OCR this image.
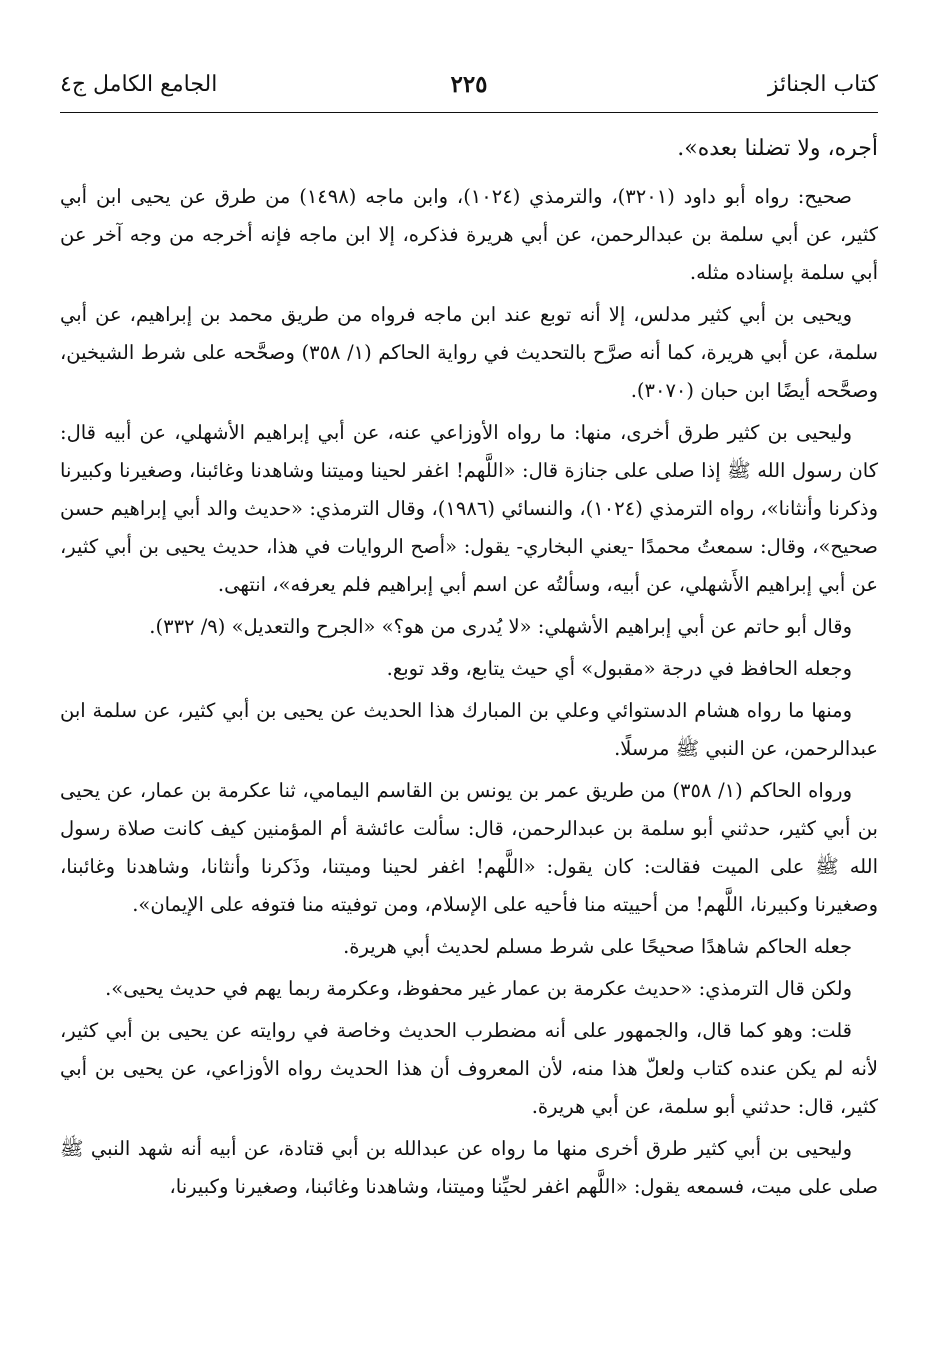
كتاب الجنائز
٢٢٥
الجامع الكامل ج٤

أجره، ولا تضلنا بعده».

صحيح: رواه أبو داود (٣٢٠١)، والترمذي (١٠٢٤)، وابن ماجه (١٤٩٨) من طرق عن يحيى ابن أبي كثير، عن أبي سلمة بن عبدالرحمن، عن أبي هريرة فذكره، إلا ابن ماجه فإنه أخرجه من وجه آخر عن أبي سلمة بإسناده مثله.

ويحيى بن أبي كثير مدلس، إلا أنه توبع عند ابن ماجه فرواه من طريق محمد بن إبراهيم، عن أبي سلمة، عن أبي هريرة، كما أنه صرَّح بالتحديث في رواية الحاكم (١/ ٣٥٨) وصحَّحه على شرط الشيخين، وصحَّحه أيضًا ابن حبان (٣٠٧٠).

وليحيى بن كثير طرق أخرى، منها: ما رواه الأوزاعي عنه، عن أبي إبراهيم الأشهلي، عن أبيه قال: كان رسول الله ﷺ إذا صلى على جنازة قال: «اللَّهم! اغفر لحينا وميتنا وشاهدنا وغائبنا، وصغيرنا وكبيرنا وذكرنا وأنثانا»، رواه الترمذي (١٠٢٤)، والنسائي (١٩٨٦)، وقال الترمذي: «حديث والد أبي إبراهيم حسن صحيح»، وقال: سمعتُ محمدًا -يعني البخاري- يقول: «أصح الروايات في هذا، حديث يحيى بن أبي كثير، عن أبي إبراهيم الأَشهلي، عن أبيه، وسألتُه عن اسم أبي إبراهيم فلم يعرفه»، انتهى.

وقال أبو حاتم عن أبي إبراهيم الأشهلي: «لا يُدرى من هو؟» «الجرح والتعديل» (٩/ ٣٣٢).

وجعله الحافظ في درجة «مقبول» أي حيث يتابع، وقد توبع.

ومنها ما رواه هشام الدستوائي وعلي بن المبارك هذا الحديث عن يحيى بن أبي كثير، عن سلمة ابن عبدالرحمن، عن النبي ﷺ مرسلًا.

ورواه الحاكم (١/ ٣٥٨) من طريق عمر بن يونس بن القاسم اليمامي، ثنا عكرمة بن عمار، عن يحيى بن أبي كثير، حدثني أبو سلمة بن عبدالرحمن، قال: سألت عائشة أم المؤمنين كيف كانت صلاة رسول الله ﷺ على الميت فقالت: كان يقول: «اللَّهم! اغفر لحينا وميتنا، وذَكرنا وأنثانا، وشاهدنا وغائبنا، وصغيرنا وكبيرنا، اللَّهم! من أحييته منا فأحيه على الإسلام، ومن توفيته منا فتوفه على الإيمان».

جعله الحاكم شاهدًا صحيحًا على شرط مسلم لحديث أبي هريرة.

ولكن قال الترمذي: «حديث عكرمة بن عمار غير محفوظ، وعكرمة ربما يهم في حديث يحيى».

قلت: وهو كما قال، والجمهور على أنه مضطرب الحديث وخاصة في روايته عن يحيى بن أبي كثير، لأنه لم يكن عنده كتاب ولعلّ هذا منه، لأن المعروف أن هذا الحديث رواه الأوزاعي، عن يحيى بن أبي كثير، قال: حدثني أبو سلمة، عن أبي هريرة.

وليحيى بن أبي كثير طرق أخرى منها ما رواه عن عبدالله بن أبي قتادة، عن أبيه أنه شهد النبي ﷺ صلى على ميت، فسمعه يقول: «اللَّهم اغفر لحيِّنا وميتنا، وشاهدنا وغائبنا، وصغيرنا وكبيرنا،
